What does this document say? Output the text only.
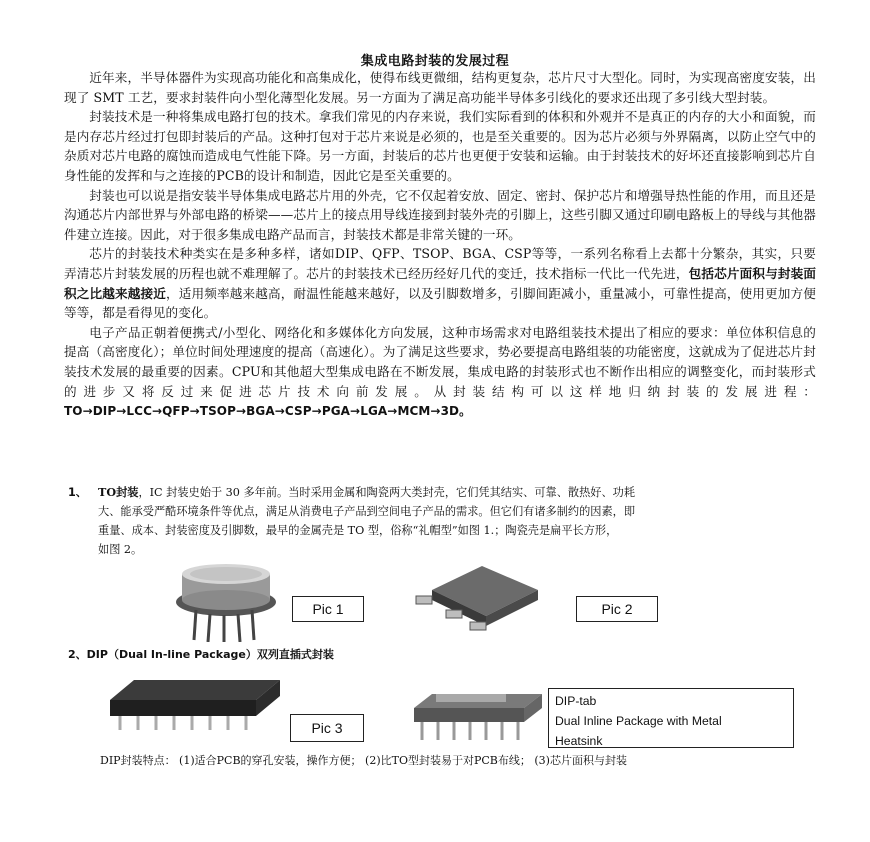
集成电路封装的发展过程

近年来，半导体器件为实现高功能化和高集成化，使得布线更微细，结构更复杂，芯片尺寸大型化。同时，为实现高密度安装，出现了 SMT 工艺，要求封装件向小型化薄型化发展。另一方面为了满足高功能半导体多引线化的要求还出现了多引线大型封装。

封装技术是一种将集成电路打包的技术。拿我们常见的内存来说，我们实际看到的体积和外观并不是真正的内存的大小和面貌，而是内存芯片经过打包即封装后的产品。这种打包对于芯片来说是必须的，也是至关重要的。因为芯片必须与外界隔离，以防止空气中的杂质对芯片电路的腐蚀而造成电气性能下降。另一方面，封装后的芯片也更便于安装和运输。由于封装技术的好坏还直接影响到芯片自身性能的发挥和与之连接的PCB的设计和制造，因此它是至关重要的。

封装也可以说是指安装半导体集成电路芯片用的外壳，它不仅起着安放、固定、密封、保护芯片和增强导热性能的作用，而且还是沟通芯片内部世界与外部电路的桥梁——芯片上的接点用导线连接到封装外壳的引脚上，这些引脚又通过印刷电路板上的导线与其他器件建立连接。因此，对于很多集成电路产品而言，封装技术都是非常关键的一环。

芯片的封装技术种类实在是多种多样，诸如DIP、QFP、TSOP、BGA、CSP等等，一系列名称看上去都十分繁杂，其实，只要弄清芯片封装发展的历程也就不难理解了。芯片的封装技术已经历经好几代的变迁，技术指标一代比一代先进，包括芯片面积与封装面积之比越来越接近，适用频率越来越高，耐温性能越来越好，以及引脚数增多，引脚间距减小，重量减小，可靠性提高，使用更加方便等等，都是看得见的变化。

电子产品正朝着便携式/小型化、网络化和多媒体化方向发展，这种市场需求对电路组装技术提出了相应的要求：单位体积信息的提高（高密度化）；单位时间处理速度的提高（高速化）。为了满足这些要求，势必要提高电路组装的功能密度，这就成为了促进芯片封装技术发展的最重要的因素。CPU和其他超大型集成电路在不断发展，集成电路的封装形式也不断作出相应的调整变化，而封装形式的进步又将反过来促进芯片技术向前发展。从封装结构可以这样地归纳封装的发展进程：TO→DIP→LCC→QFP→TSOP→BGA→CSP→PGA→LGA→MCM→3D。

1、 TO封装，IC 封装史始于 30 多年前。当时采用金属和陶瓷两大类封壳，它们凭其结实、可靠、散热好、功耗
大、能承受严酷环境条件等优点，满足从消费电子产品到空间电子产品的需求。但它们有诸多制约的因素，即
重量、成本、封装密度及引脚数，最早的金属壳是 TO 型，俗称“礼帽型”如图 1.；陶瓷壳是扁平长方形，
如图 2。
Pic 1	Pic 2
2、DIP（Dual In-line Package）双列直插式封装
Pic 3
DIP-tab
Dual Inline Package with Metal
Heatsink
DIP封装特点： (1)适合PCB的穿孔安装，操作方便； (2)比TO型封装易于对PCB布线； (3)芯片面积与封装
